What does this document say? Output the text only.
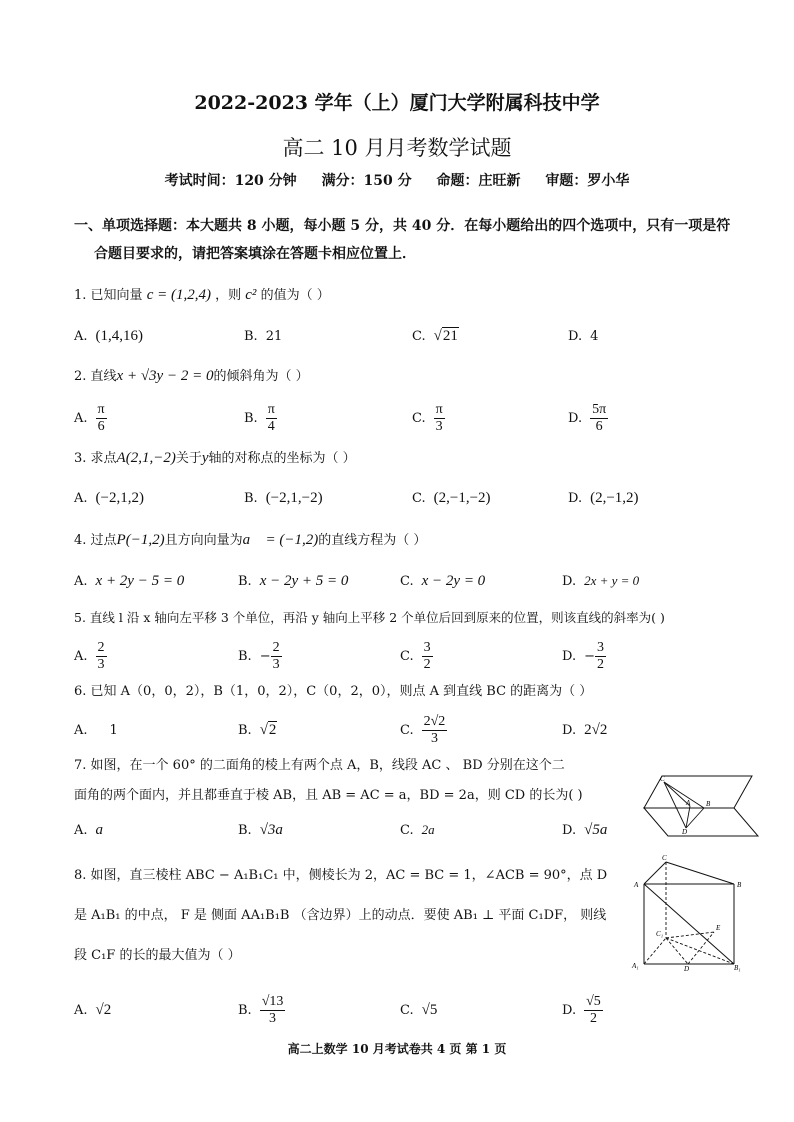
2022-2023 学年（上）厦门大学附属科技中学
高二 10 月月考数学试题
考试时间：120 分钟 满分：150 分 命题：庄旺新 审题：罗小华
一、单项选择题：本大题共 8 小题，每小题 5 分，共 40 分．在每小题给出的四个选项中，只有一项是符
合题目要求的，请把答案填涂在答题卡相应位置上．
1. 已知向量 c = (1,2,4) ，则 c² 的值为（ ）
A. (1,4,16)	B. 21	C. √21	D. 4
2. 直线x + √3y − 2 = 0的倾斜角为（ ）
A. $\frac{\pi}{6}$	B. $\frac{\pi}{4}$	C. $\frac{\pi}{3}$	D. $\frac{5\pi}{6}$
3. 求点A(2,1,−2)关于y轴的对称点的坐标为（ ）
A. (−2,1,2)	B. (−2,1,−2)	C. (2,−1,−2)	D. (2,−1,2)
4. 过点P(−1,2)且方向向量为a⃗ = (−1,2)的直线方程为（ ）
A. x + 2y − 5 = 0	B. x − 2y + 5 = 0	C. x − 2y = 0	D. 2x + y = 0
5. 直线 l 沿 x 轴向左平移 3 个单位，再沿 y 轴向上平移 2 个单位后回到原来的位置，则该直线的斜率为( )
A. $\frac{2}{3}$	B. − $\frac{2}{3}$	C. $\frac{3}{2}$	D. − $\frac{3}{2}$
6. 已知 A（0，0，2），B（1，0，2），C（0，2，0），则点 A 到直线 BC 的距离为（ ）
A. 1	B. √2	C. $\frac{2√2}{3}$	D. 2√2
7. 如图，在一个 60° 的二面角的棱上有两个点 A，B，线段 AC 、 BD 分别在这个二
面角的两个面内，并且都垂直于棱 AB，且 AB = AC = a，BD = 2a，则 CD 的长为( )
A. a	B. √3a	C. 2a	D. √5a
C
A B
D
8. 如图，直三棱柱 ABC − A₁B₁C₁ 中，侧棱长为 2，AC = BC = 1，∠ACB = 90°，点 D
是 A₁B₁ 的中点， F 是 侧面 AA₁B₁B （含边界）上的动点．要使 AB₁ ⊥ 平面 C₁DF， 则线
段 C₁F 的长的最大值为（ ）
A. √2	B. $\frac{√13}{3}$	C. √5	D. $\frac{√5}{2}$
C
A	B
C₁
E
A₁	D	B₁
高二上数学 10 月考试卷共 4 页 第 1 页
